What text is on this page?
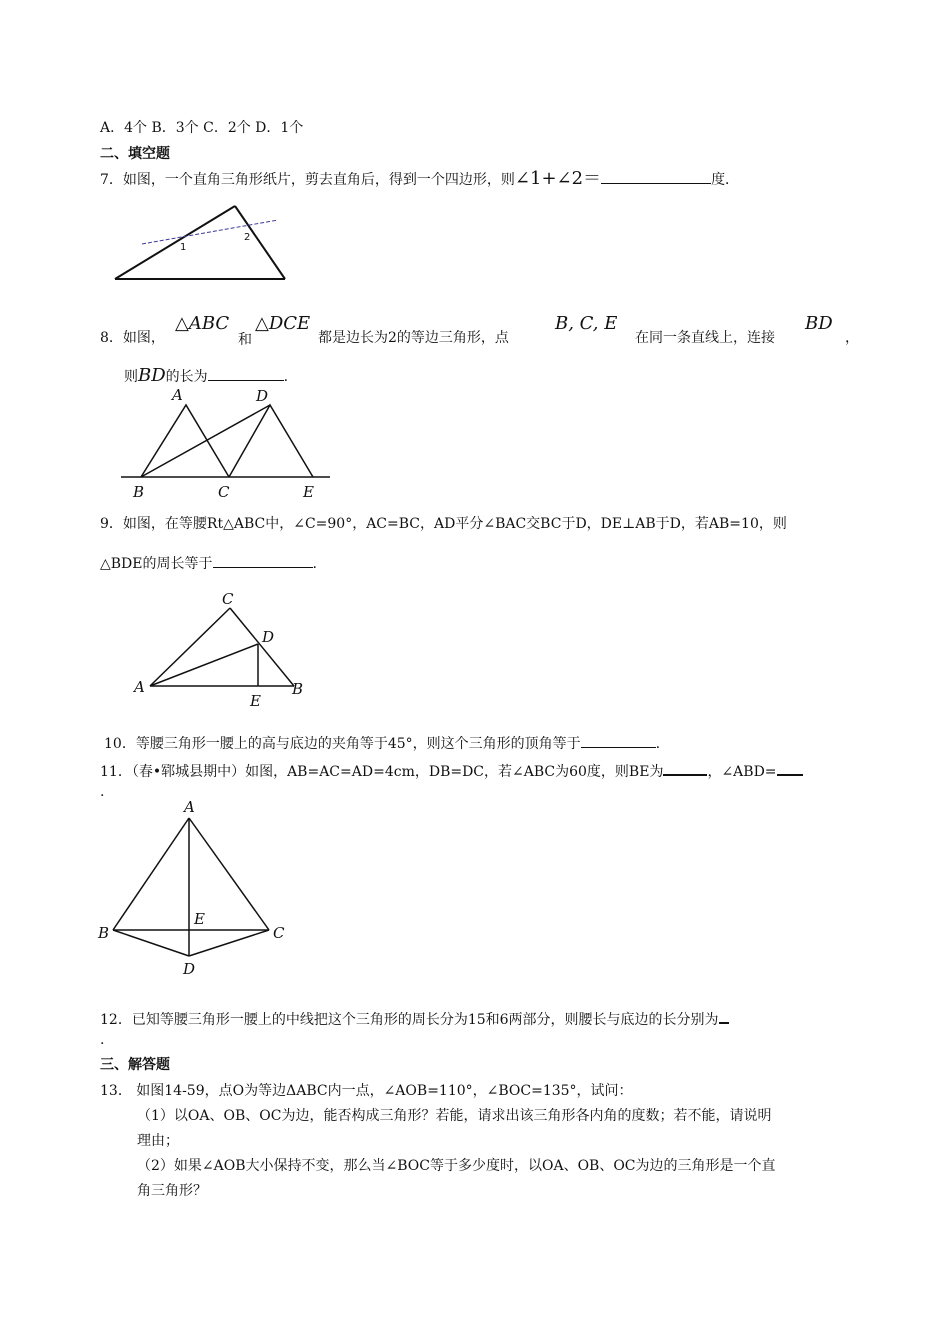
A．4个 B．3个 C．2个 D．1个
二、填空题
7．如图，一个直角三角形纸片，剪去直角后，得到一个四边形，则∠1+∠2＝	度．
1
2
8．如图，
△ABC
和
△DCE
都是边长为2的等边三角形，点
B, C, E
在同一条直线上，连接
BD
，
则BD的长为	.
A	D
B	C	E
9．如图，在等腰Rt△ABC中，∠C=90°，AC=BC，AD平分∠BAC交BC于D，DE⊥AB于D，若AB=10，则
△BDE的周长等于	.
C
D
A
E
B
10．等腰三角形一腰上的高与底边的夹角等于45°，则这个三角形的顶角等于	.
11．（春•郓城县期中）如图，AB=AC=AD=4cm，DB=DC，若∠ABC为60度，则BE为	，∠ABD=
.
A
B	C
D
E
12．已知等腰三角形一腰上的中线把这个三角形的周长分为15和6两部分，则腰长与底边的长分别为
.
三、解答题
13． 如图14-59，点O为等边ΔABC内一点，∠AOB=110°，∠BOC=135°，试问：
（1）以OA、OB、OC为边，能否构成三角形？若能，请求出该三角形各内角的度数；若不能，请说明
理由；
（2）如果∠AOB大小保持不变，那么当∠BOC等于多少度时，以OA、OB、OC为边的三角形是一个直
角三角形？
